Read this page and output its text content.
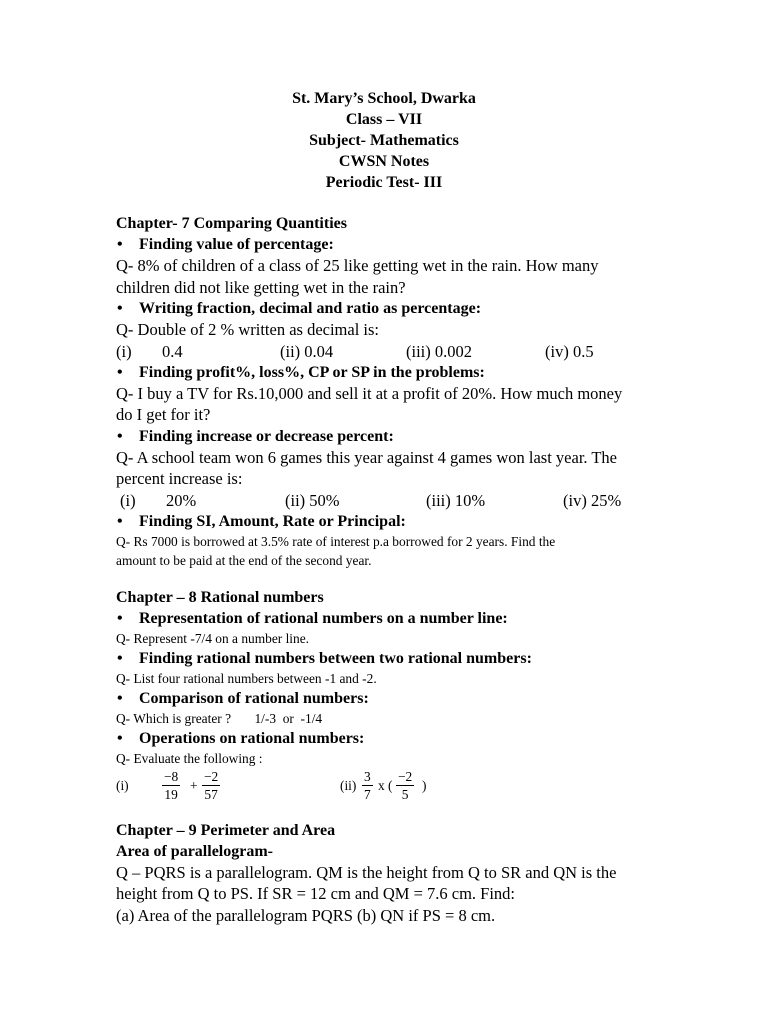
St. Mary’s School, Dwarka
Class – VII
Subject- Mathematics
CWSN Notes
Periodic Test- III
Chapter- 7 Comparing Quantities
• Finding value of percentage:
Q- 8% of children of a class of 25 like getting wet in the rain. How many
children did not like getting wet in the rain?
• Writing fraction, decimal and ratio as percentage:
Q- Double of 2 % written as decimal is:
(i) 0.4	(ii) 0.04	(iii) 0.002	(iv) 0.5
• Finding profit%, loss%, CP or SP in the problems:
Q- I buy a TV for Rs.10,000 and sell it at a profit of 20%. How much money
do I get for it?
• Finding increase or decrease percent:
Q- A school team won 6 games this year against 4 games won last year. The
percent increase is:
(i) 20%	(ii) 50%	(iii) 10%	(iv) 25%
• Finding SI, Amount, Rate or Principal:
Q- Rs 7000 is borrowed at 3.5% rate of interest p.a borrowed for 2 years. Find the
amount to be paid at the end of the second year.
Chapter – 8 Rational numbers
• Representation of rational numbers on a number line:
Q- Represent -7/4 on a number line.
• Finding rational numbers between two rational numbers:
Q- List four rational numbers between -1 and -2.
• Comparison of rational numbers:
Q- Which is greater ?       1/-3  or  -1/4
• Operations on rational numbers:
Q- Evaluate the following :
$(i) \frac{-8}{19} + \frac{-2}{57}$	$(ii) \frac{3}{7}$ x ( $\frac{-2}{5}$ )
Chapter – 9 Perimeter and Area
Area of parallelogram-
Q – PQRS is a parallelogram. QM is the height from Q to SR and QN is the
height from Q to PS. If SR = 12 cm and QM = 7.6 cm. Find:
(a) Area of the parallelogram PQRS (b) QN if PS = 8 cm.
